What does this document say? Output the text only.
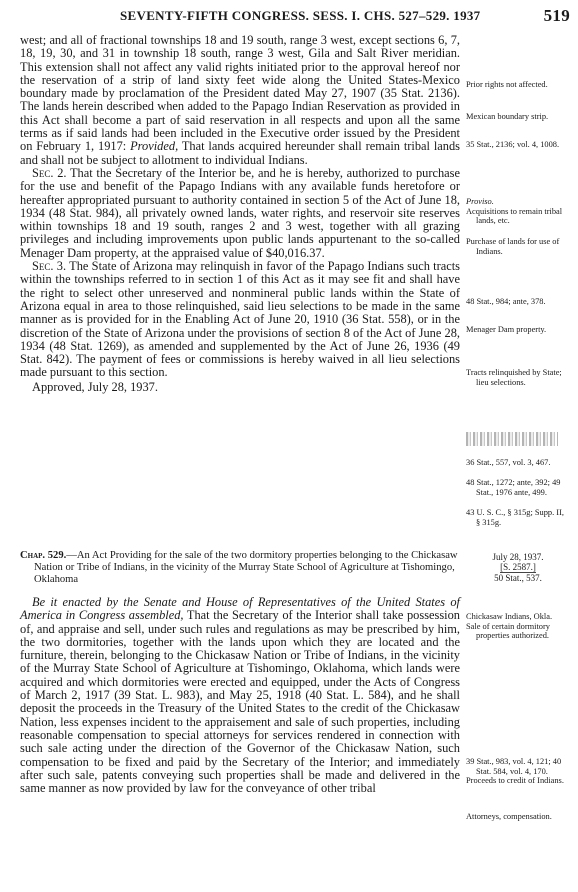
SEVENTY-FIFTH CONGRESS. SESS. I. CHS. 527–529. 1937	519

west; and all of fractional townships 18 and 19 south, range 3 west, except sections 6, 7, 18, 19, 30, and 31 in township 18 south, range 3 west, Gila and Salt River meridian. This extension shall not affect any valid rights initiated prior to the approval hereof nor the reservation of a strip of land sixty feet wide along the United States-Mexico boundary made by proclamation of the President dated May 27, 1907 (35 Stat. 2136). The lands herein described when added to the Papago Indian Reservation as provided in this Act shall become a part of said reservation in all respects and upon all the same terms as if said lands had been included in the Executive order issued by the President on February 1, 1917: Provided, That lands acquired hereunder shall remain tribal lands and shall not be subject to allotment to individual Indians.

Sec. 2. That the Secretary of the Interior be, and he is hereby, authorized to purchase for the use and benefit of the Papago Indians with any available funds heretofore or hereafter appropriated pursuant to authority contained in section 5 of the Act of June 18, 1934 (48 Stat. 984), all privately owned lands, water rights, and reservoir site reserves within townships 18 and 19 south, ranges 2 and 3 west, together with all grazing privileges and including improvements upon public lands appurtenant to the so-called Menager Dam property, at the appraised value of $40,016.37.

Sec. 3. The State of Arizona may relinquish in favor of the Papago Indians such tracts within the townships referred to in section 1 of this Act as it may see fit and shall have the right to select other unreserved and nonmineral public lands within the State of Arizona equal in area to those relinquished, said lieu selections to be made in the same manner as is provided for in the Enabling Act of June 20, 1910 (36 Stat. 558), or in the discretion of the State of Arizona under the provisions of section 8 of the Act of June 28, 1934 (48 Stat. 1269), as amended and supplemented by the Act of June 26, 1936 (49 Stat. 842). The payment of fees or commissions is hereby waived in all lieu selections made pursuant to this section.

Approved, July 28, 1937.

Chap. 529.—An Act Providing for the sale of the two dormitory properties belonging to the Chickasaw Nation or Tribe of Indians, in the vicinity of the Murray State School of Agriculture at Tishomingo, Oklahoma

Be it enacted by the Senate and House of Representatives of the United States of America in Congress assembled, That the Secretary of the Interior shall take possession of, and appraise and sell, under such rules and regulations as may be prescribed by him, the two dormitories, together with the lands upon which they are located and the furniture, therein, belonging to the Chickasaw Nation or Tribe of Indians, in the vicinity of the Murray State School of Agriculture at Tishomingo, Oklahoma, which lands were acquired and which dormitories were erected and equipped, under the Acts of Congress of March 2, 1917 (39 Stat. L. 983), and May 25, 1918 (40 Stat. L. 584), and he shall deposit the proceeds in the Treasury of the United States to the credit of the Chickasaw Nation, less expenses incident to the appraisement and sale of such properties, including reasonable compensation to special attorneys for services rendered in connection with such sale acting under the direction of the Governor of the Chickasaw Nation, such compensation to be fixed and paid by the Secretary of the Interior; and immediately after such sale, patents conveying such properties shall be made and delivered in the same manner as now provided by law for the conveyance of other tribal

Prior rights not affected.
Mexican boundary strip.
35 Stat., 2136; vol. 4, 1008.
Proviso.
Acquisitions to remain tribal lands, etc.
Purchase of lands for use of Indians.
48 Stat., 984; ante, 378.
Menager Dam property.
Tracts relinquished by State; lieu selections.
36 Stat., 557, vol. 3, 467.
48 Stat., 1272; ante, 392; 49 Stat., 1976 ante, 499.
43 U. S. C., § 315g; Supp. II, § 315g.
July 28, 1937.
[S. 2587.]
50 Stat., 537.
Chickasaw Indians, Okla.
Sale of certain dormitory properties authorized.
39 Stat., 983, vol. 4, 121; 40 Stat. 584, vol. 4, 170.
Proceeds to credit of Indians.
Attorneys, compensation.
